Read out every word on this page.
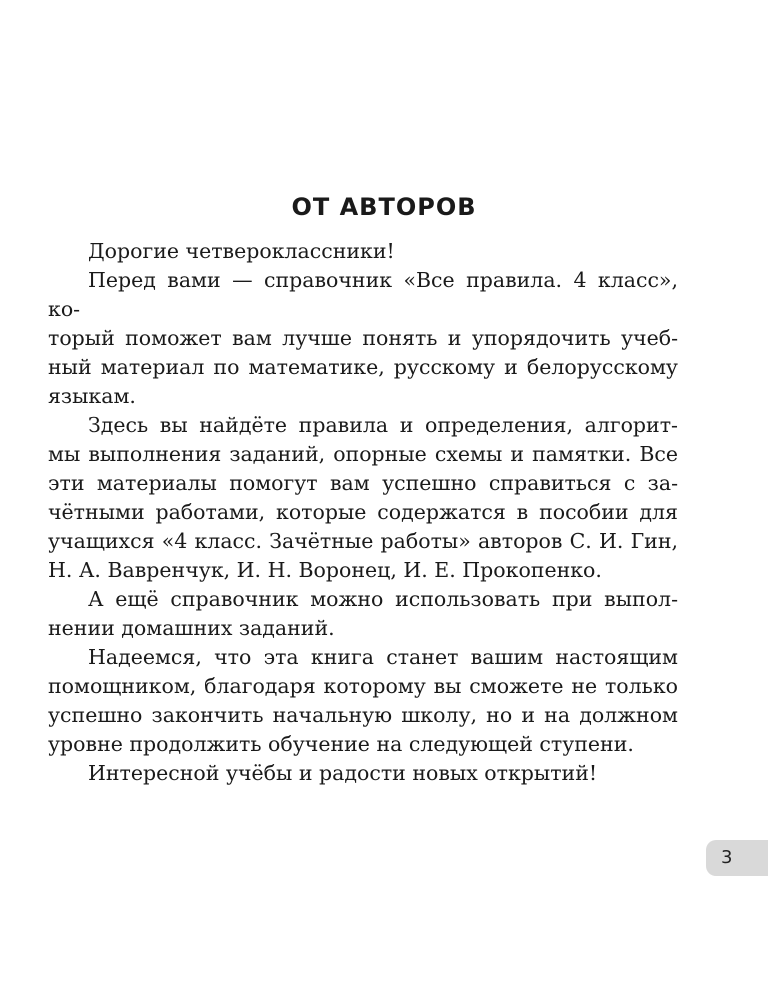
ОТ АВТОРОВ

Дорогие четвероклассники!

Перед вами — справочник «Все правила. 4 класс», ко-
торый поможет вам лучше понять и упорядочить учеб-
ный материал по математике, русскому и белорусскому
языкам.

Здесь вы найдёте правила и определения, алгорит-
мы выполнения заданий, опорные схемы и памятки. Все
эти материалы помогут вам успешно справиться с за-
чётными работами, которые содержатся в пособии для
учащихся «4 класс. Зачётные работы» авторов С. И. Гин,
Н. А. Вавренчук, И. Н. Воронец, И. Е. Прокопенко.

А ещё справочник можно использовать при выпол-
нении домашних заданий.

Надеемся, что эта книга станет вашим настоящим
помощником, благодаря которому вы сможете не только
успешно закончить начальную школу, но и на должном
уровне продолжить обучение на следующей ступени.

Интересной учёбы и радости новых открытий!

3
